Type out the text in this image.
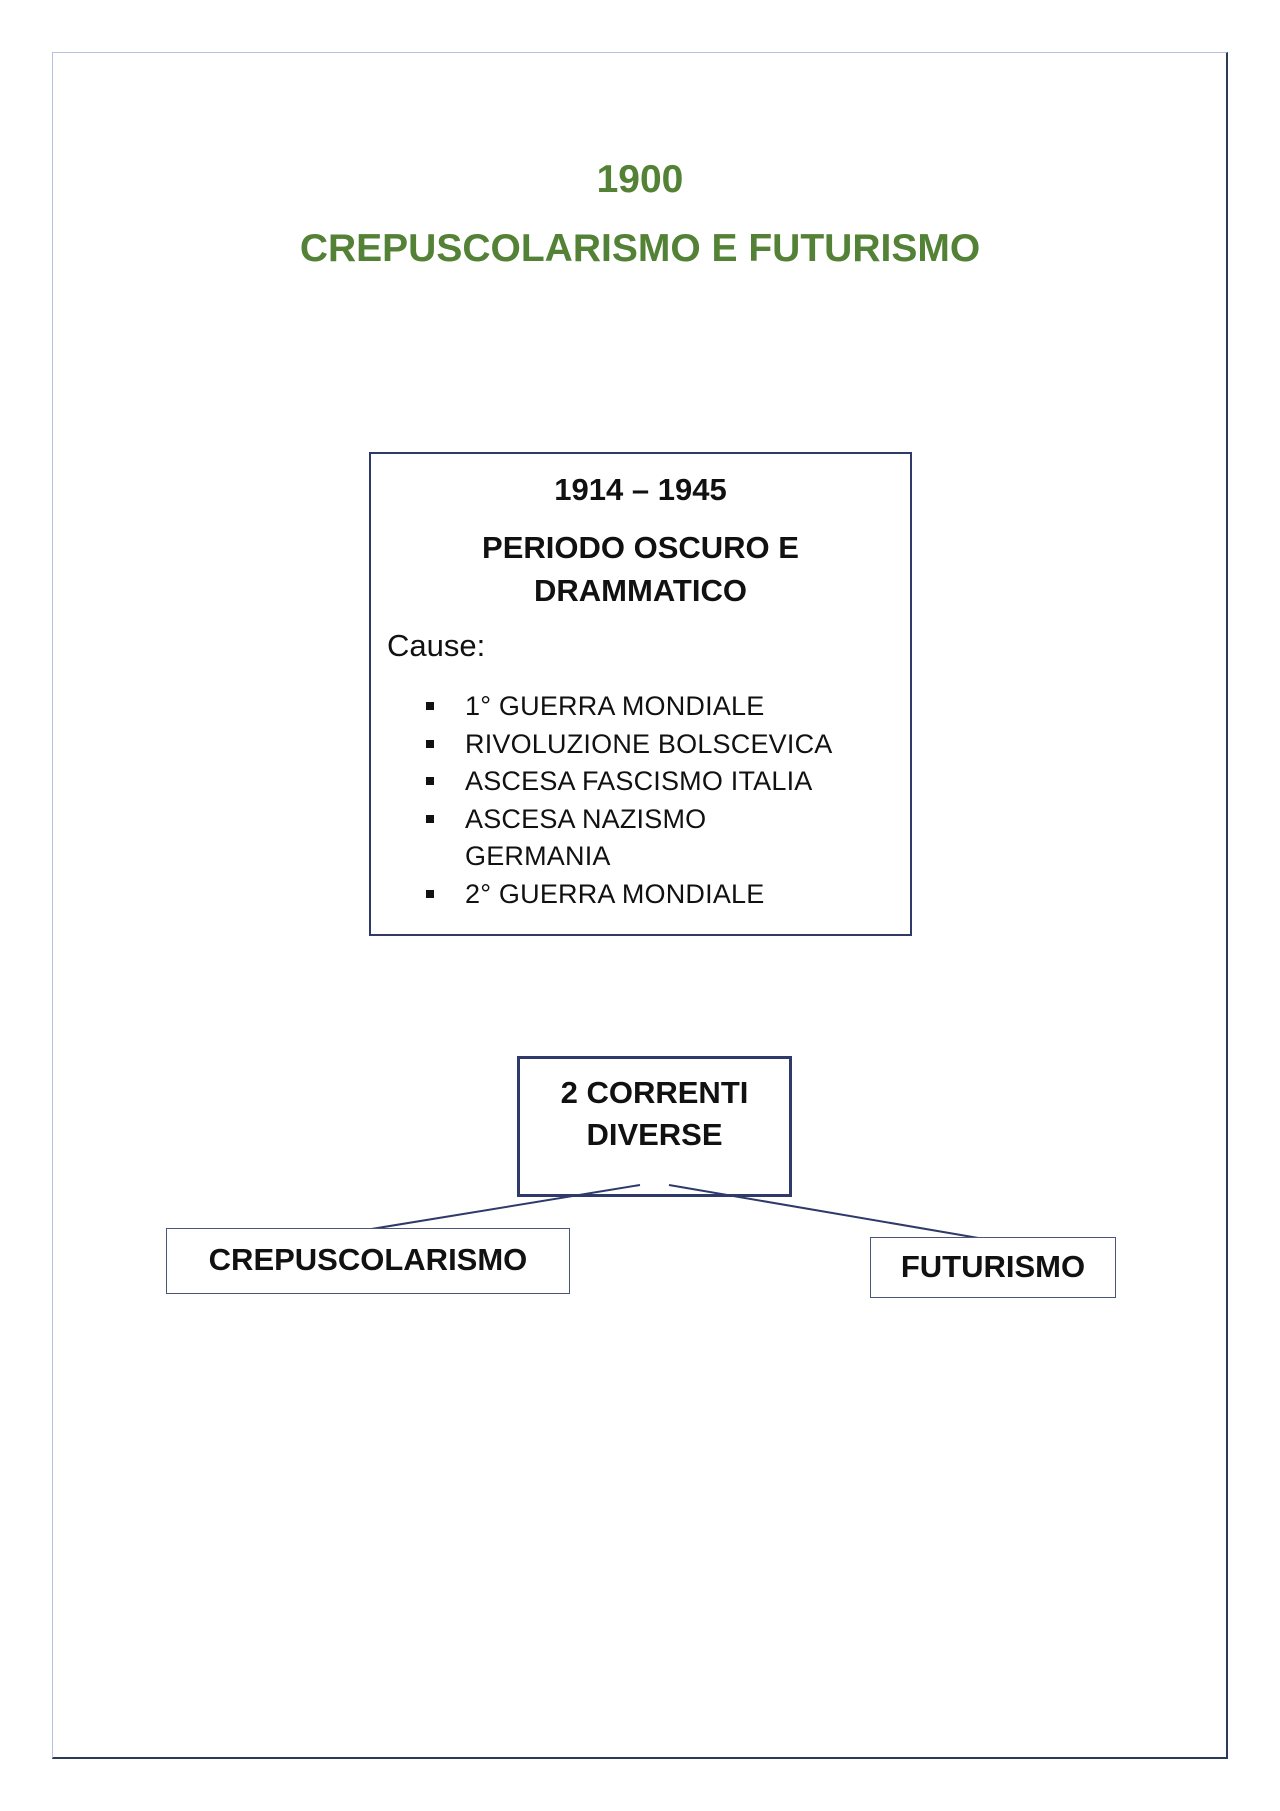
1900
CREPUSCOLARISMO E FUTURISMO
1914 – 1945
PERIODO OSCURO E
DRAMMATICO
Cause:
1° GUERRA MONDIALE
RIVOLUZIONE BOLSCEVICA
ASCESA FASCISMO ITALIA
ASCESA NAZISMO
GERMANIA
2° GUERRA MONDIALE
2 CORRENTI
DIVERSE
CREPUSCOLARISMO	FUTURISMO
